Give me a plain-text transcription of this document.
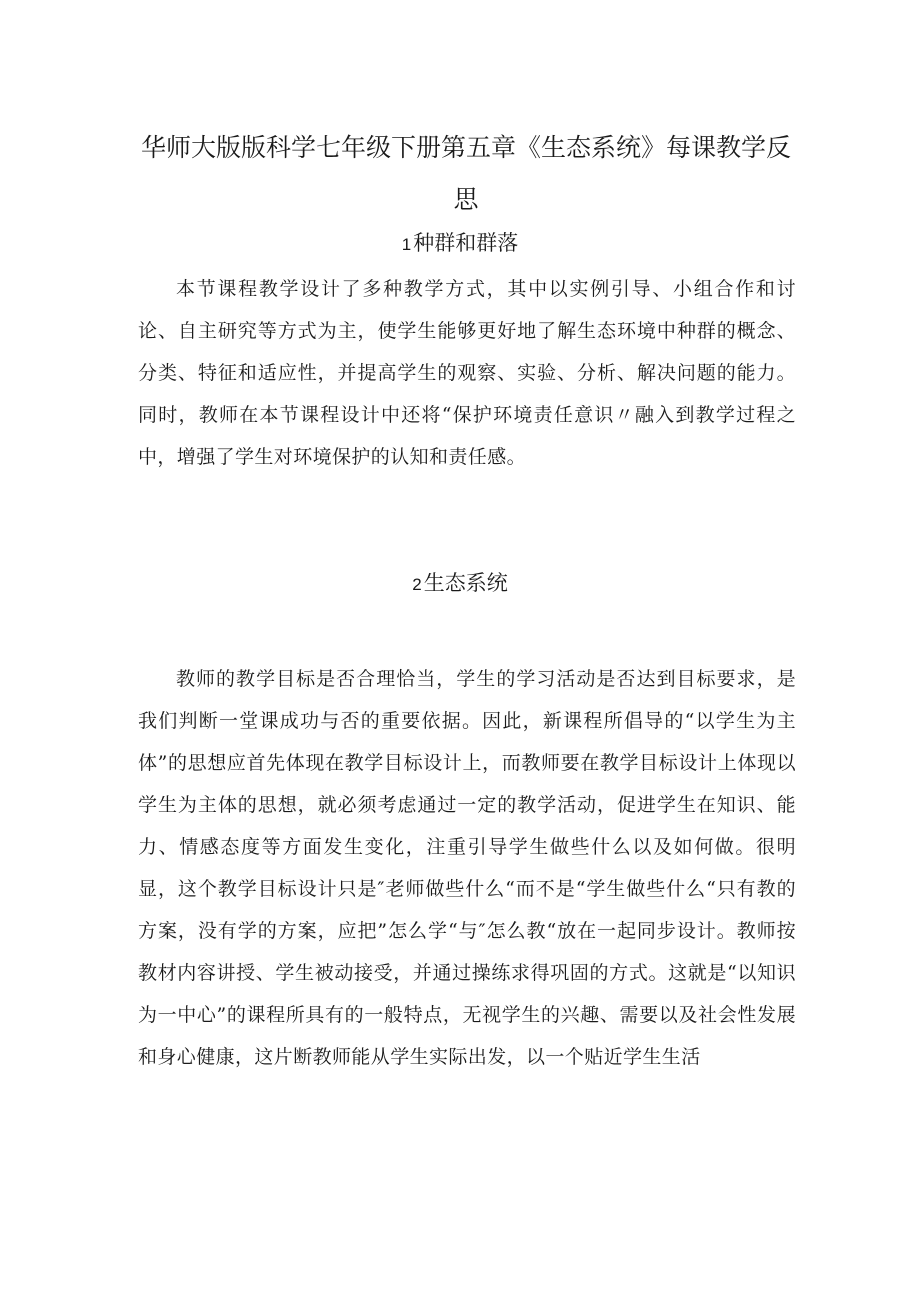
华师大版版科学七年级下册第五章《生态系统》每课教学反思
1种群和群落

本节课程教学设计了多种教学方式，其中以实例引导、小组合作和讨论、自主研究等方式为主，使学生能够更好地了解生态环境中种群的概念、分类、特征和适应性，并提高学生的观察、实验、分析、解决问题的能力。同时，教师在本节课程设计中还将“保护环境责任意识〃融入到教学过程之中，增强了学生对环境保护的认知和责任感。

2生态系统

教师的教学目标是否合理恰当，学生的学习活动是否达到目标要求，是我们判断一堂课成功与否的重要依据。因此，新课程所倡导的“以学生为主体”的思想应首先体现在教学目标设计上，而教师要在教学目标设计上体现以学生为主体的思想，就必须考虑通过一定的教学活动，促进学生在知识、能力、情感态度等方面发生变化，注重引导学生做些什么以及如何做。很明显，这个教学目标设计只是″老师做些什么“而不是“学生做些什么“只有教的方案，没有学的方案，应把”怎么学“与″怎么教“放在一起同步设计。教师按教材内容讲授、学生被动接受，并通过操练求得巩固的方式。这就是“以知识为一中心”的课程所具有的一般特点，无视学生的兴趣、需要以及社会性发展和身心健康，这片断教师能从学生实际出发，以一个贴近学生生活
